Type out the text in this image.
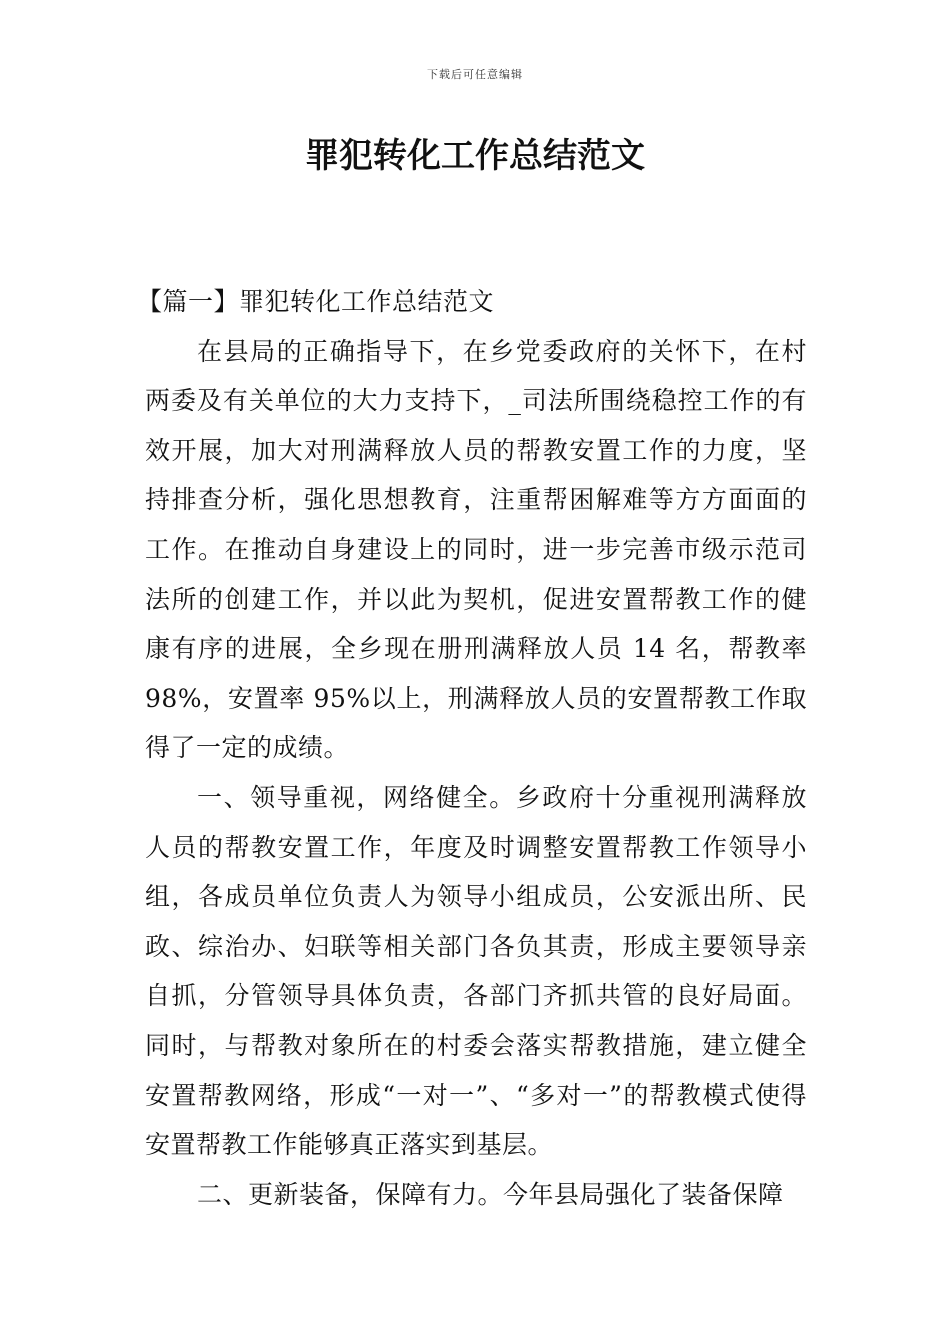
下载后可任意编辑
罪犯转化工作总结范文

【篇一】罪犯转化工作总结范文

在县局的正确指导下，在乡党委政府的关怀下，在村两委及有关单位的大力支持下，_司法所围绕稳控工作的有效开展，加大对刑满释放人员的帮教安置工作的力度，坚持排查分析，强化思想教育，注重帮困解难等方方面面的工作。在推动自身建设上的同时，进一步完善市级示范司法所的创建工作，并以此为契机，促进安置帮教工作的健康有序的进展，全乡现在册刑满释放人员 14 名，帮教率 98%，安置率 95%以上，刑满释放人员的安置帮教工作取得了一定的成绩。

一、领导重视，网络健全。乡政府十分重视刑满释放人员的帮教安置工作，年度及时调整安置帮教工作领导小组，各成员单位负责人为领导小组成员，公安派出所、民政、综治办、妇联等相关部门各负其责，形成主要领导亲自抓，分管领导具体负责，各部门齐抓共管的良好局面。同时，与帮教对象所在的村委会落实帮教措施，建立健全安置帮教网络，形成“一对一”、“多对一”的帮教模式使得安置帮教工作能够真正落实到基层。

二、更新装备，保障有力。今年县局强化了装备保障
